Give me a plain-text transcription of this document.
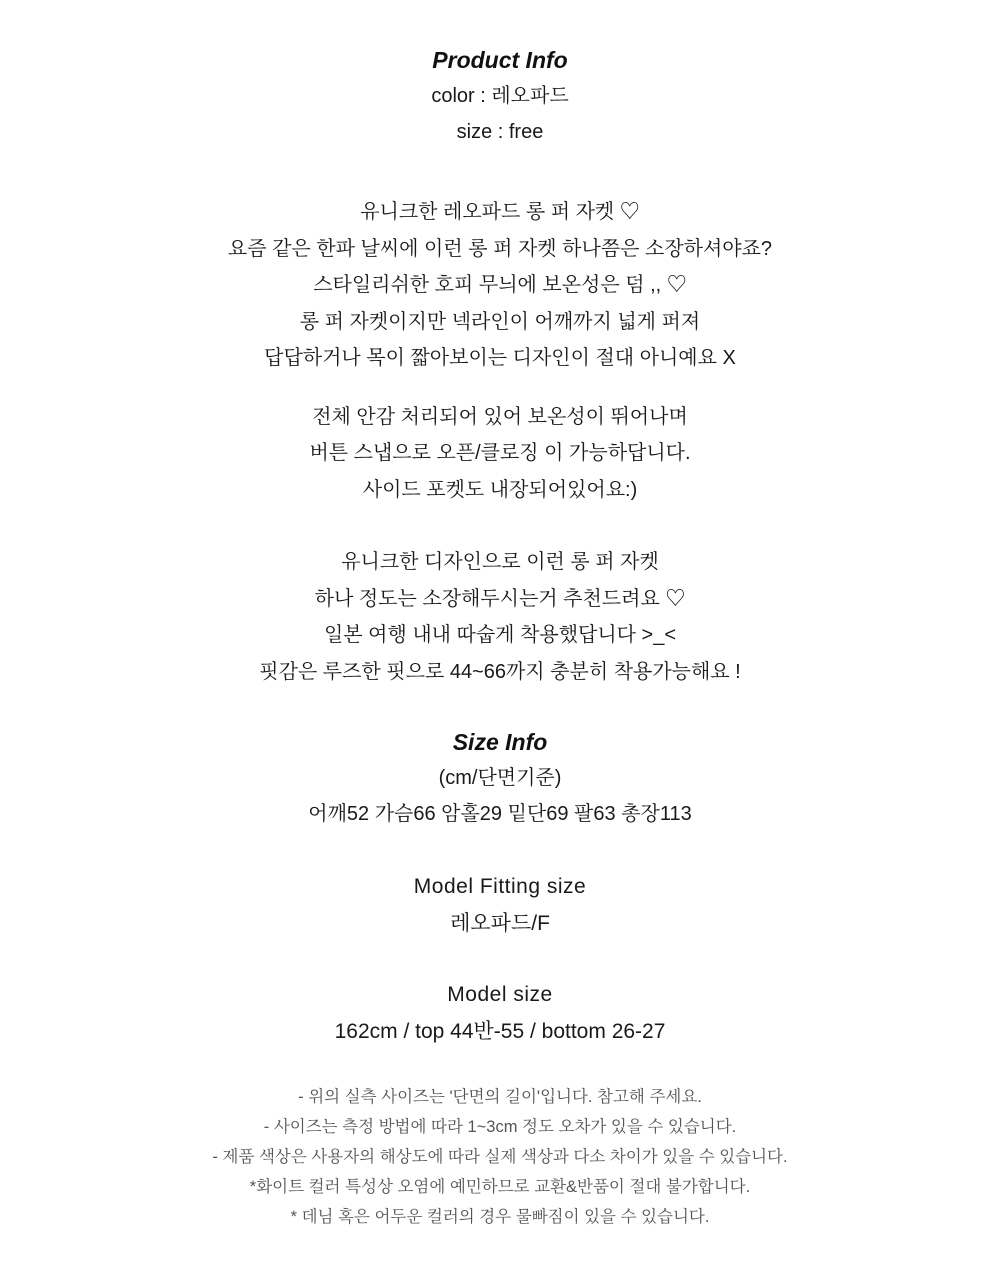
Product Info
color : 레오파드
size : free
유니크한 레오파드 롱 퍼 자켓 ♡
요즘 같은 한파 날씨에 이런 롱 퍼 자켓 하나쯤은 소장하셔야죠?
스타일리쉬한 호피 무늬에 보온성은 덤 ,, ♡
롱 퍼 자켓이지만 넥라인이 어깨까지 넓게 퍼져
답답하거나 목이 짧아보이는 디자인이 절대 아니예요 X
전체 안감 처리되어 있어 보온성이 뛰어나며
버튼 스냅으로 오픈/클로징 이 가능하답니다.
사이드 포켓도 내장되어있어요:)
유니크한 디자인으로 이런 롱 퍼 자켓
하나 정도는 소장해두시는거 추천드려요 ♡
일본 여행 내내 따숩게 착용했답니다 >_<
핏감은 루즈한 핏으로 44~66까지 충분히 착용가능해요 !
Size Info
(cm/단면기준)
어깨52 가슴66 암홀29 밑단69 팔63 총장113
Model Fitting size
레오파드/F
Model size
162cm / top 44반-55 / bottom 26-27
- 위의 실측 사이즈는 '단면의 길이'입니다. 참고해 주세요.
- 사이즈는 측정 방법에 따라 1~3cm 정도 오차가 있을 수 있습니다.
- 제품 색상은 사용자의 해상도에 따라 실제 색상과 다소 차이가 있을 수 있습니다.
*화이트 컬러 특성상 오염에 예민하므로 교환&반품이 절대 불가합니다.
* 데님 혹은 어두운 컬러의 경우 물빠짐이 있을 수 있습니다.
